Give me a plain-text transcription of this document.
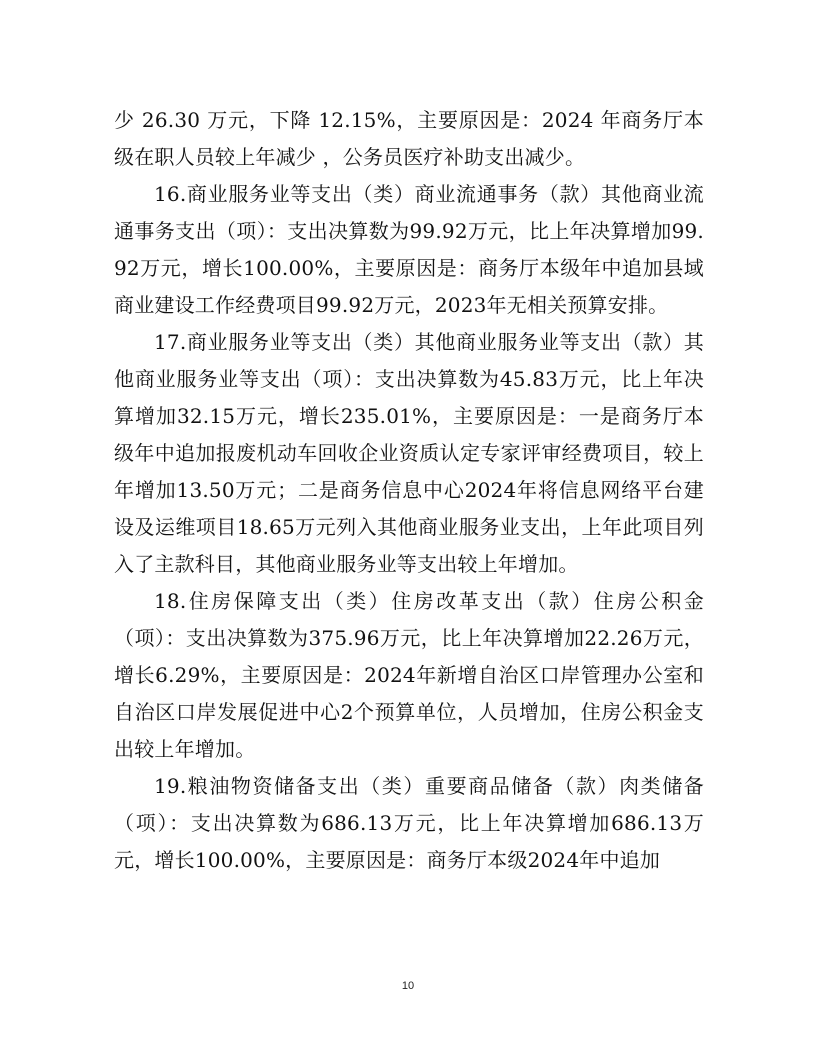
少 26.30 万元，下降 12.15%，主要原因是：2024 年商务厅本级在职人员较上年减少 ，公务员医疗补助支出减少。

16.商业服务业等支出（类）商业流通事务（款）其他商业流通事务支出（项）：支出决算数为99.92万元，比上年决算增加99.92万元，增长100.00%，主要原因是：商务厅本级年中追加县域商业建设工作经费项目99.92万元，2023年无相关预算安排。

17.商业服务业等支出（类）其他商业服务业等支出（款）其他商业服务业等支出（项）：支出决算数为45.83万元，比上年决算增加32.15万元，增长235.01%，主要原因是：一是商务厅本级年中追加报废机动车回收企业资质认定专家评审经费项目，较上年增加13.50万元；二是商务信息中心2024年将信息网络平台建设及运维项目18.65万元列入其他商业服务业支出，上年此项目列入了主款科目，其他商业服务业等支出较上年增加。

18.住房保障支出（类）住房改革支出（款）住房公积金（项）：支出决算数为375.96万元，比上年决算增加22.26万元，增长6.29%，主要原因是：2024年新增自治区口岸管理办公室和自治区口岸发展促进中心2个预算单位，人员增加，住房公积金支出较上年增加。

19.粮油物资储备支出（类）重要商品储备（款）肉类储备（项）：支出决算数为686.13万元，比上年决算增加686.13万元，增长100.00%，主要原因是：商务厅本级2024年中追加

10
